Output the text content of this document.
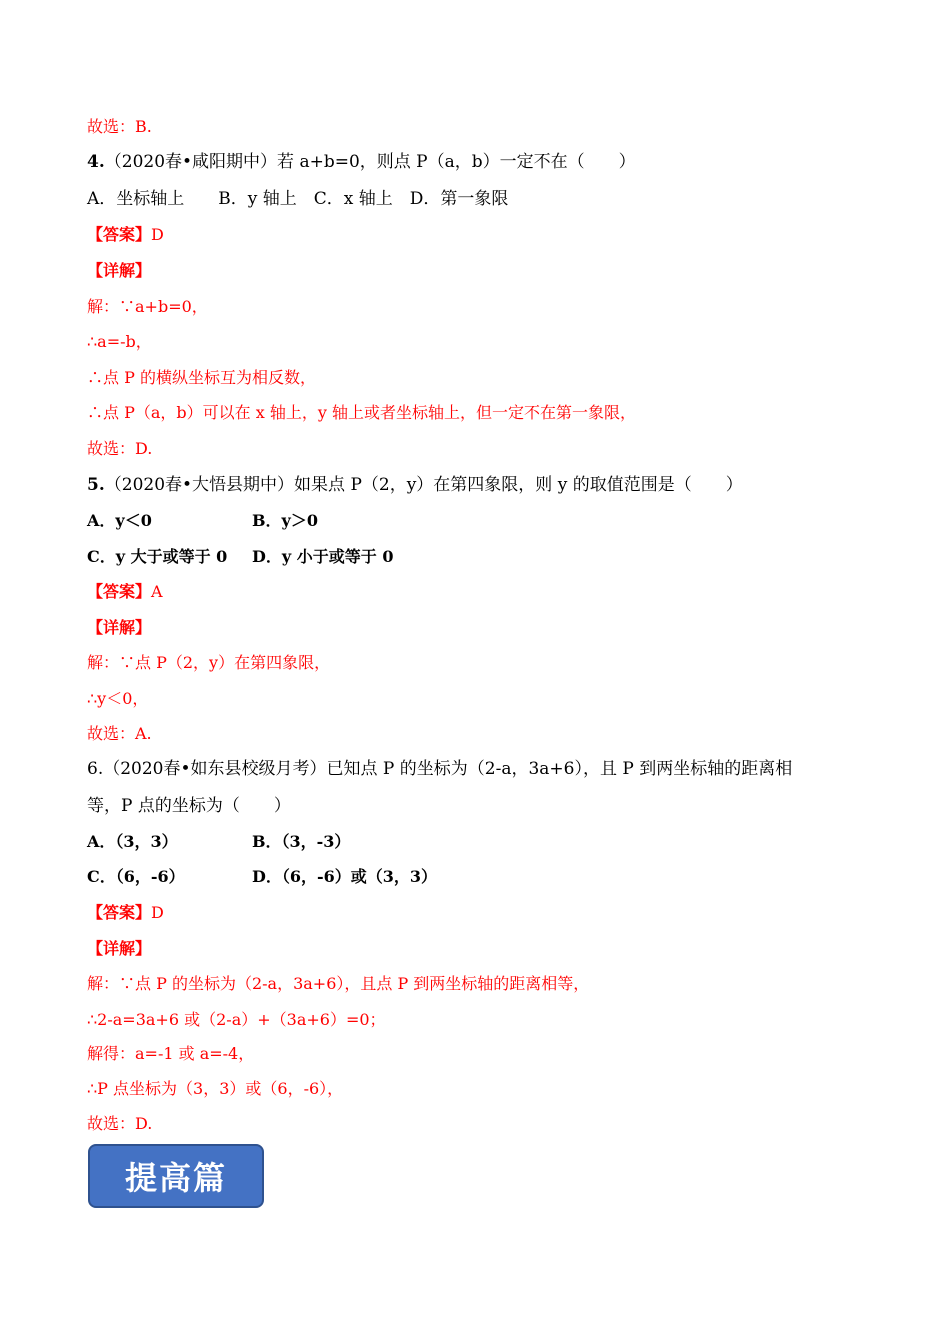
故选：B.
4.（2020春•咸阳期中）若 a+b=0，则点 P（a，b）一定不在（　　）
A．坐标轴上　　B．y 轴上　C．x 轴上　D．第一象限
【答案】D
【详解】
解：∵a+b=0，
∴a=-b，
∴点 P 的横纵坐标互为相反数，
∴点 P（a，b）可以在 x 轴上，y 轴上或者坐标轴上，但一定不在第一象限，
故选：D.
5.（2020春•大悟县期中）如果点 P（2，y）在第四象限，则 y 的取值范围是（　　）
A．y＜0	B．y＞0
C．y 大于或等于 0 D．y 小于或等于 0
【答案】A
【详解】
解：∵点 P（2，y）在第四象限，
∴y＜0，
故选：A.
6.（2020春•如东县校级月考）已知点 P 的坐标为（2-a，3a+6），且 P 到两坐标轴的距离相
等，P 点的坐标为（　　）
A．（3，3）	B．（3，-3）
C．（6，-6）	D．（6，-6）或（3，3）
【答案】D
【详解】
解：∵点 P 的坐标为（2-a，3a+6），且点 P 到两坐标轴的距离相等，
∴2-a=3a+6 或（2-a）+（3a+6）=0；
解得：a=-1 或 a=-4，
∴P 点坐标为（3，3）或（6，-6），
故选：D.
提高篇
